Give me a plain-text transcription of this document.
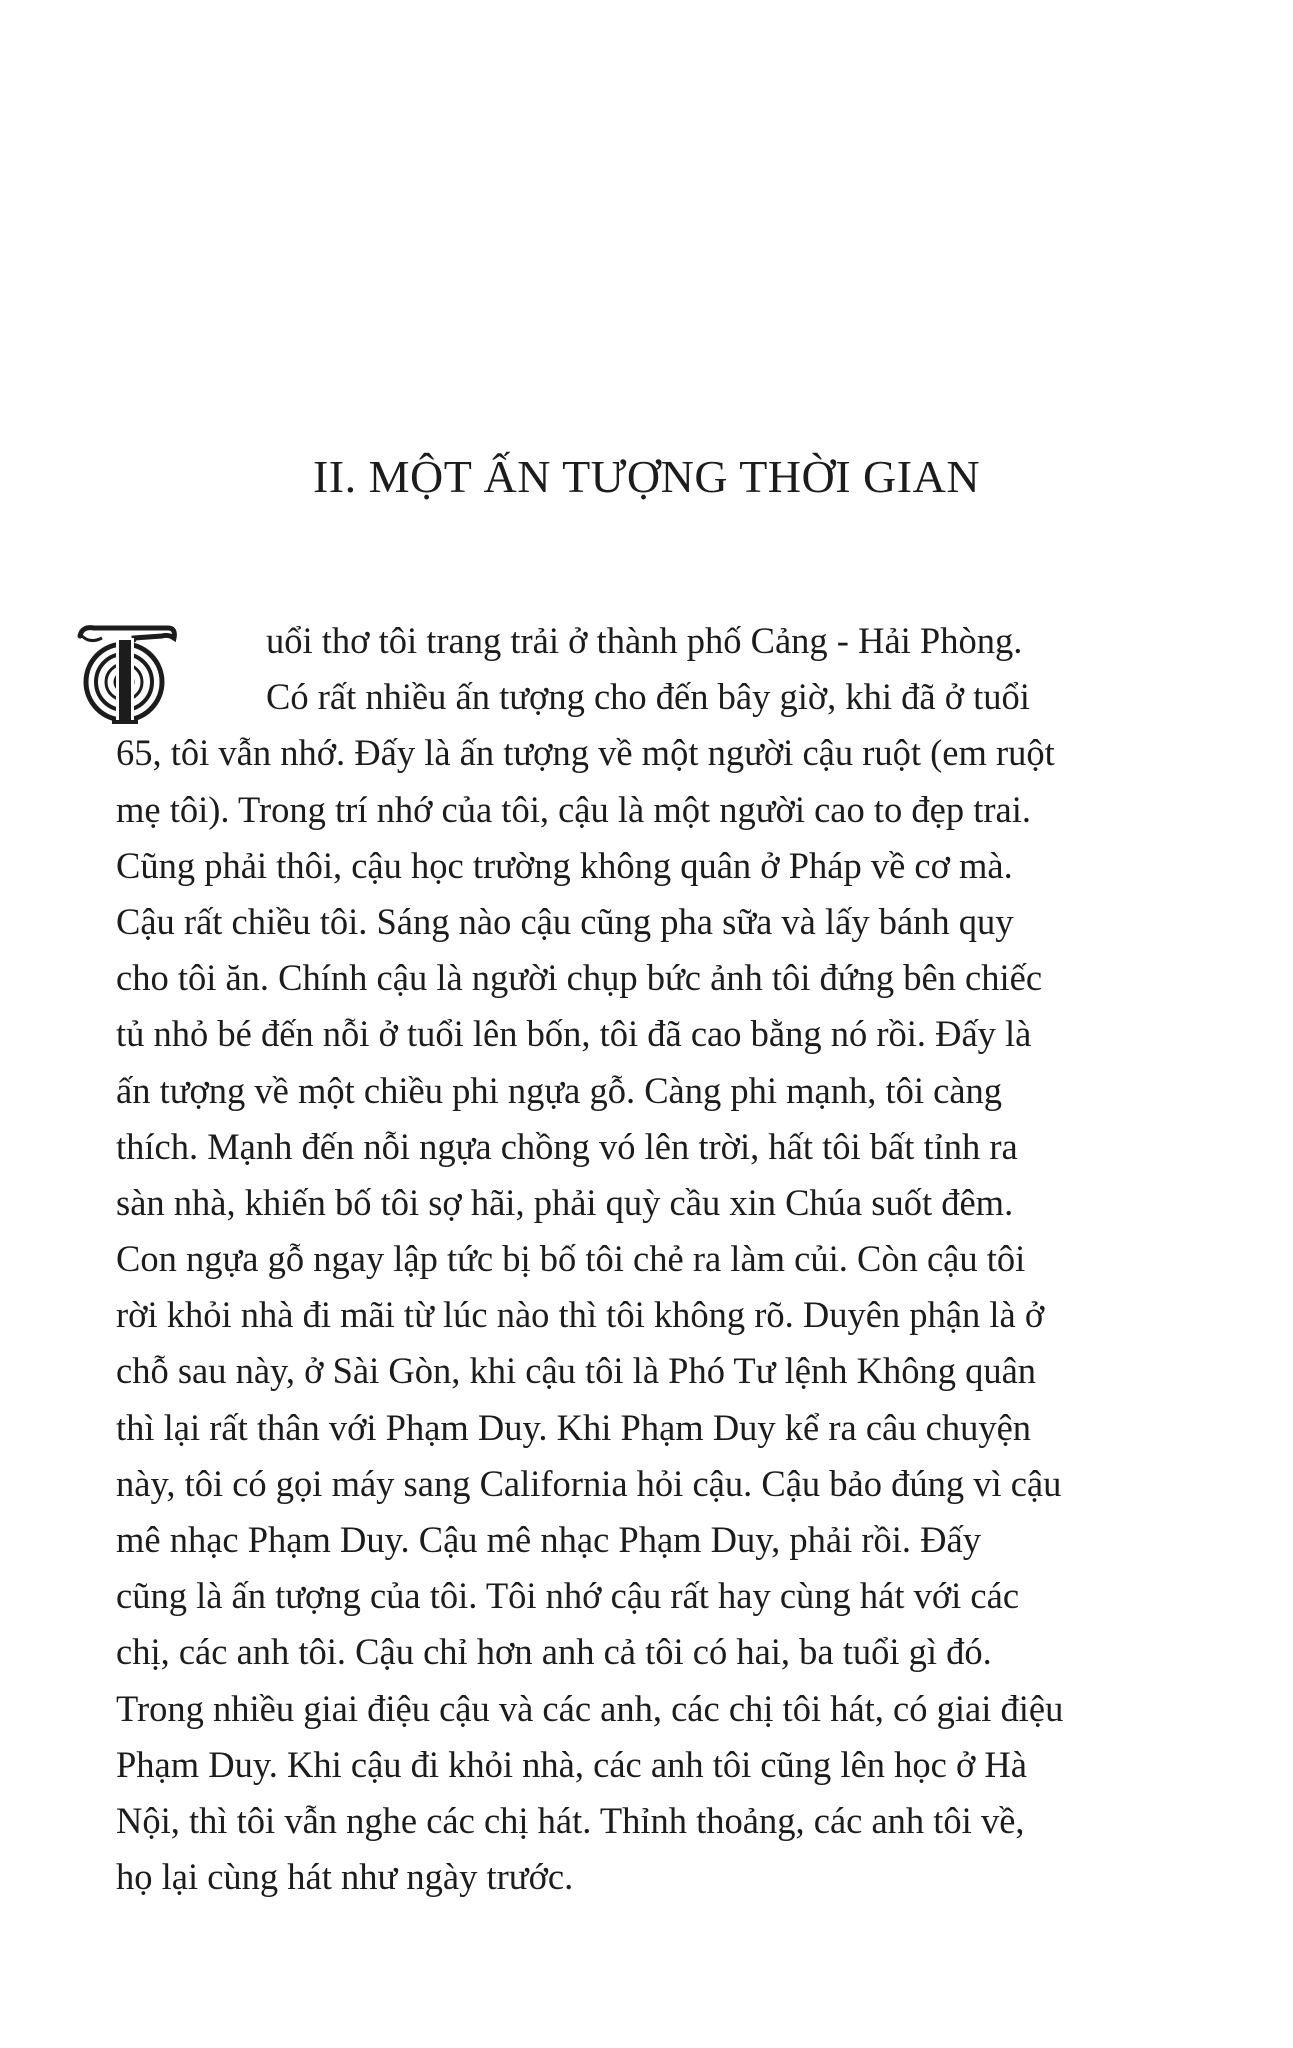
II. MỘT ẤN TƯỢNG THỜI GIAN
T
uổi thơ tôi trang trải ở thành phố Cảng - Hải Phòng.
Có rất nhiều ấn tượng cho đến bây giờ, khi đã ở tuổi
65, tôi vẫn nhớ. Đấy là ấn tượng về một người cậu ruột (em ruột
mẹ tôi). Trong trí nhớ của tôi, cậu là một người cao to đẹp trai.
Cũng phải thôi, cậu học trường không quân ở Pháp về cơ mà.
Cậu rất chiều tôi. Sáng nào cậu cũng pha sữa và lấy bánh quy
cho tôi ăn. Chính cậu là người chụp bức ảnh tôi đứng bên chiếc
tủ nhỏ bé đến nỗi ở tuổi lên bốn, tôi đã cao bằng nó rồi. Đấy là
ấn tượng về một chiều phi ngựa gỗ. Càng phi mạnh, tôi càng
thích. Mạnh đến nỗi ngựa chồng vó lên trời, hất tôi bất tỉnh ra
sàn nhà, khiến bố tôi sợ hãi, phải quỳ cầu xin Chúa suốt đêm.
Con ngựa gỗ ngay lập tức bị bố tôi chẻ ra làm củi. Còn cậu tôi
rời khỏi nhà đi mãi từ lúc nào thì tôi không rõ. Duyên phận là ở
chỗ sau này, ở Sài Gòn, khi cậu tôi là Phó Tư lệnh Không quân
thì lại rất thân với Phạm Duy. Khi Phạm Duy kể ra câu chuyện
này, tôi có gọi máy sang California hỏi cậu. Cậu bảo đúng vì cậu
mê nhạc Phạm Duy. Cậu mê nhạc Phạm Duy, phải rồi. Đấy
cũng là ấn tượng của tôi. Tôi nhớ cậu rất hay cùng hát với các
chị, các anh tôi. Cậu chỉ hơn anh cả tôi có hai, ba tuổi gì đó.
Trong nhiều giai điệu cậu và các anh, các chị tôi hát, có giai điệu
Phạm Duy. Khi cậu đi khỏi nhà, các anh tôi cũng lên học ở Hà
Nội, thì tôi vẫn nghe các chị hát. Thỉnh thoảng, các anh tôi về,
họ lại cùng hát như ngày trước.
